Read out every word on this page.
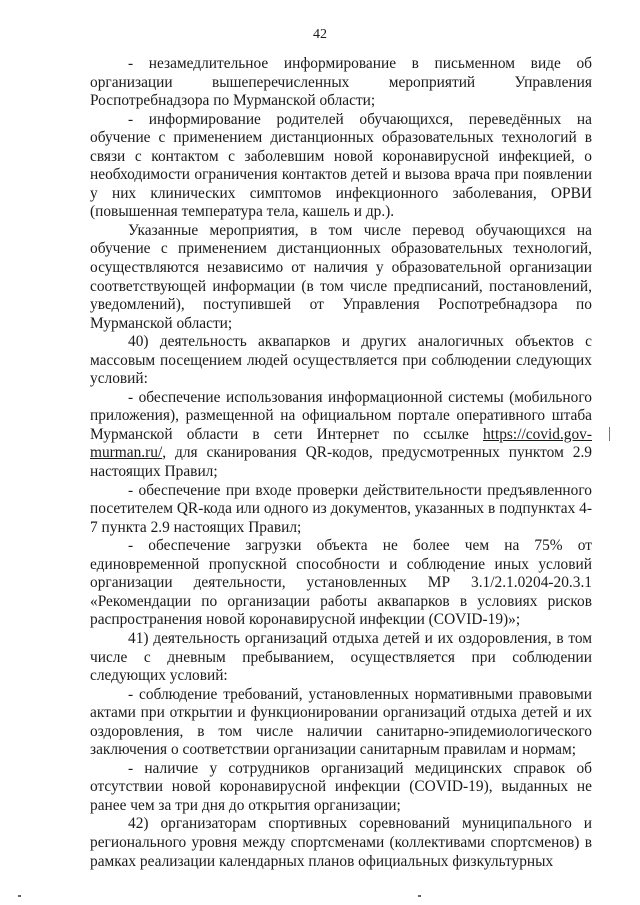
42

- незамедлительное информирование в письменном виде об организации вышеперечисленных мероприятий Управления Роспотребнадзора по Мурманской области;

- информирование родителей обучающихся, переведённых на обучение с применением дистанционных образовательных технологий в связи с контактом с заболевшим новой коронавирусной инфекцией, о необходимости ограничения контактов детей и вызова врача при появлении у них клинических симптомов инфекционного заболевания, ОРВИ (повышенная температура тела, кашель и др.).

Указанные мероприятия, в том числе перевод обучающихся на обучение с применением дистанционных образовательных технологий, осуществляются независимо от наличия у образовательной организации соответствующей информации (в том числе предписаний, постановлений, уведомлений), поступившей от Управления Роспотребнадзора по Мурманской области;

40) деятельность аквапарков и других аналогичных объектов с массовым посещением людей осуществляется при соблюдении следующих условий:

- обеспечение использования информационной системы (мобильного приложения), размещенной на официальном портале оперативного штаба Мурманской области в сети Интернет по ссылке https://covid.gov-murman.ru/, для сканирования QR-кодов, предусмотренных пунктом 2.9 настоящих Правил;

- обеспечение при входе проверки действительности предъявленного посетителем QR-кода или одного из документов, указанных в подпунктах 4-7 пункта 2.9 настоящих Правил;

- обеспечение загрузки объекта не более чем на 75% от единовременной пропускной способности и соблюдение иных условий организации деятельности, установленных МР 3.1/2.1.0204-20.3.1 «Рекомендации по организации работы аквапарков в условиях рисков распространения новой коронавирусной инфекции (COVID-19)»;

41) деятельность организаций отдыха детей и их оздоровления, в том числе с дневным пребыванием, осуществляется при соблюдении следующих условий:

- соблюдение требований, установленных нормативными правовыми актами при открытии и функционировании организаций отдыха детей и их оздоровления, в том числе наличии санитарно-эпидемиологического заключения о соответствии организации санитарным правилам и нормам;

- наличие у сотрудников организаций медицинских справок об отсутствии новой коронавирусной инфекции (COVID-19), выданных не ранее чем за три дня до открытия организации;

42) организаторам спортивных соревнований муниципального и регионального уровня между спортсменами (коллективами спортсменов) в рамках реализации календарных планов официальных физкультурных
